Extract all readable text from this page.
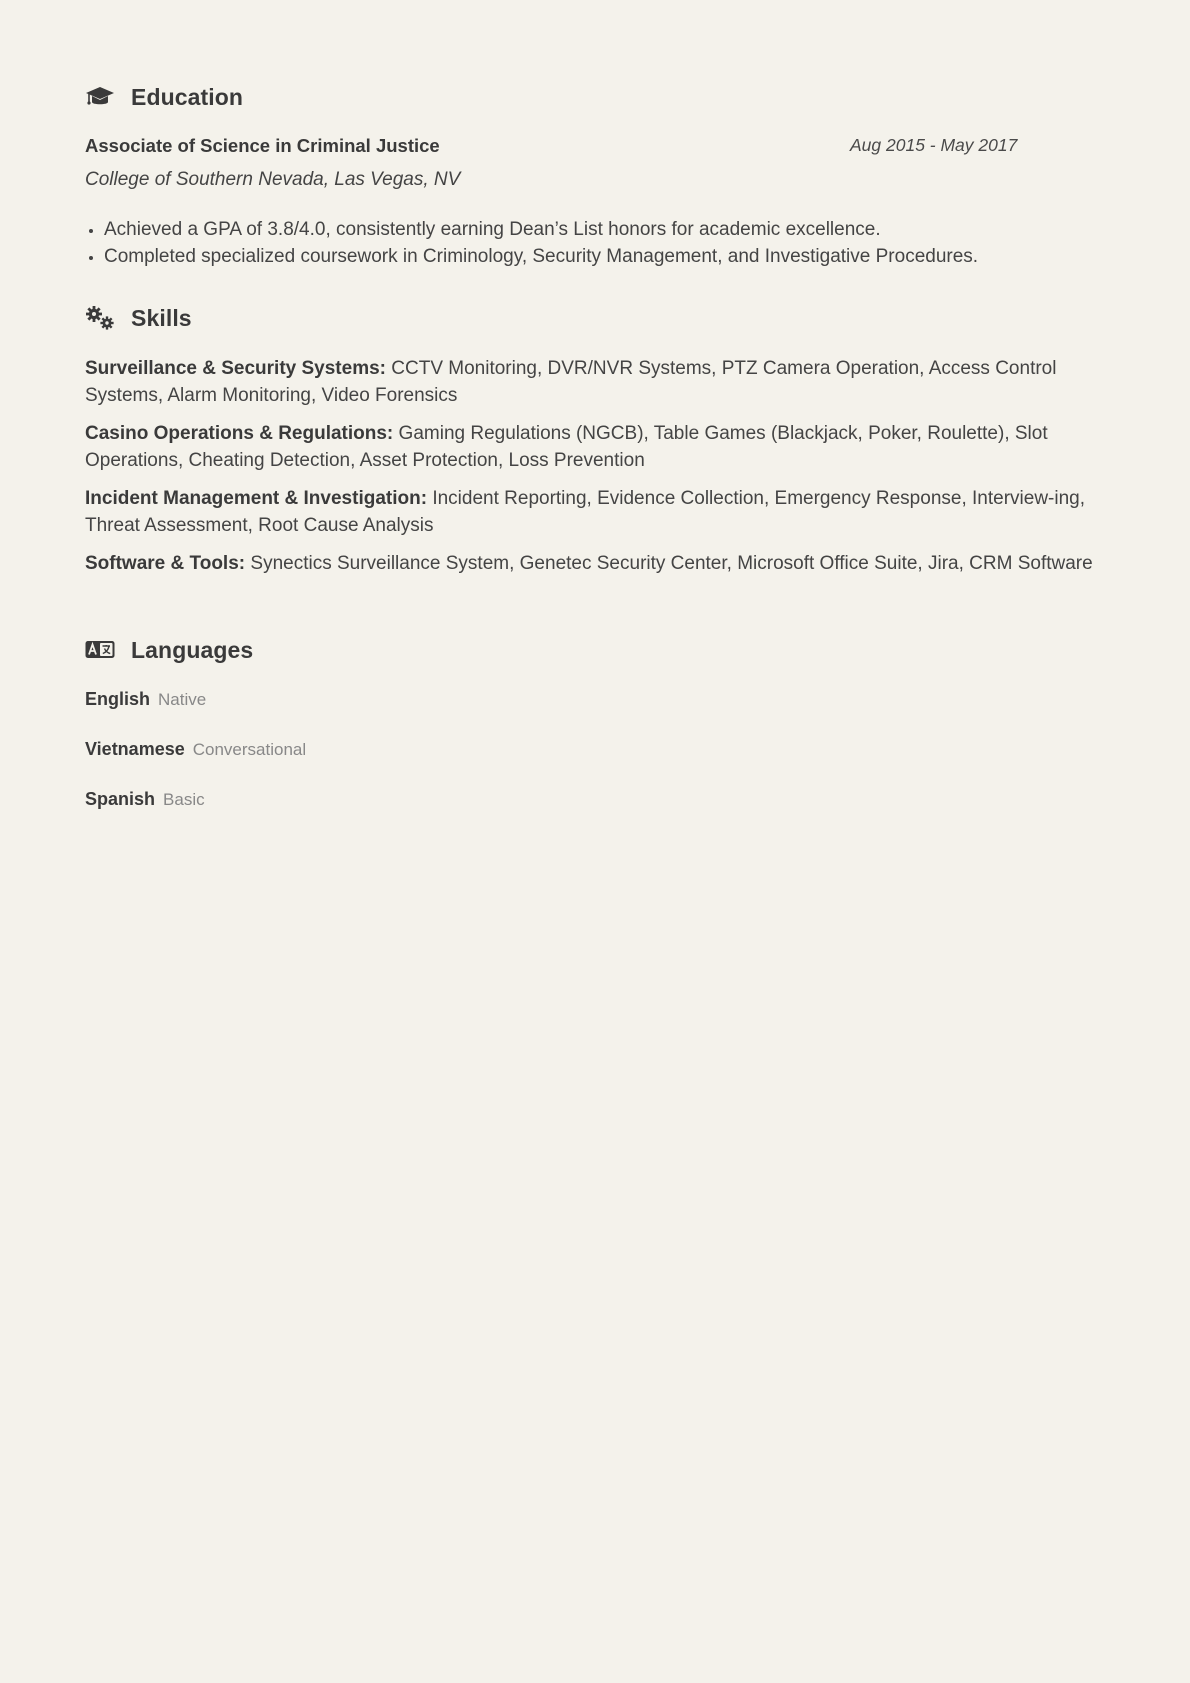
Education
Associate of Science in Criminal Justice	Aug 2015 - May 2017
College of Southern Nevada, Las Vegas, NV
• Achieved a GPA of 3.8/4.0, consistently earning Dean’s List honors for academic excellence.
• Completed specialized coursework in Criminology, Security Management, and Investigative Procedures.
Skills

Surveillance & Security Systems: CCTV Monitoring, DVR/NVR Systems, PTZ Camera Operation, Access Control Systems, Alarm Monitoring, Video Forensics

Casino Operations & Regulations: Gaming Regulations (NGCB), Table Games (Blackjack, Poker, Roulette), Slot Operations, Cheating Detection, Asset Protection, Loss Prevention

Incident Management & Investigation: Incident Reporting, Evidence Collection, Emergency Response, Interview-ing, Threat Assessment, Root Cause Analysis

Software & Tools: Synectics Surveillance System, Genetec Security Center, Microsoft Office Suite, Jira, CRM Software

Languages
English Native
Vietnamese Conversational
Spanish Basic
